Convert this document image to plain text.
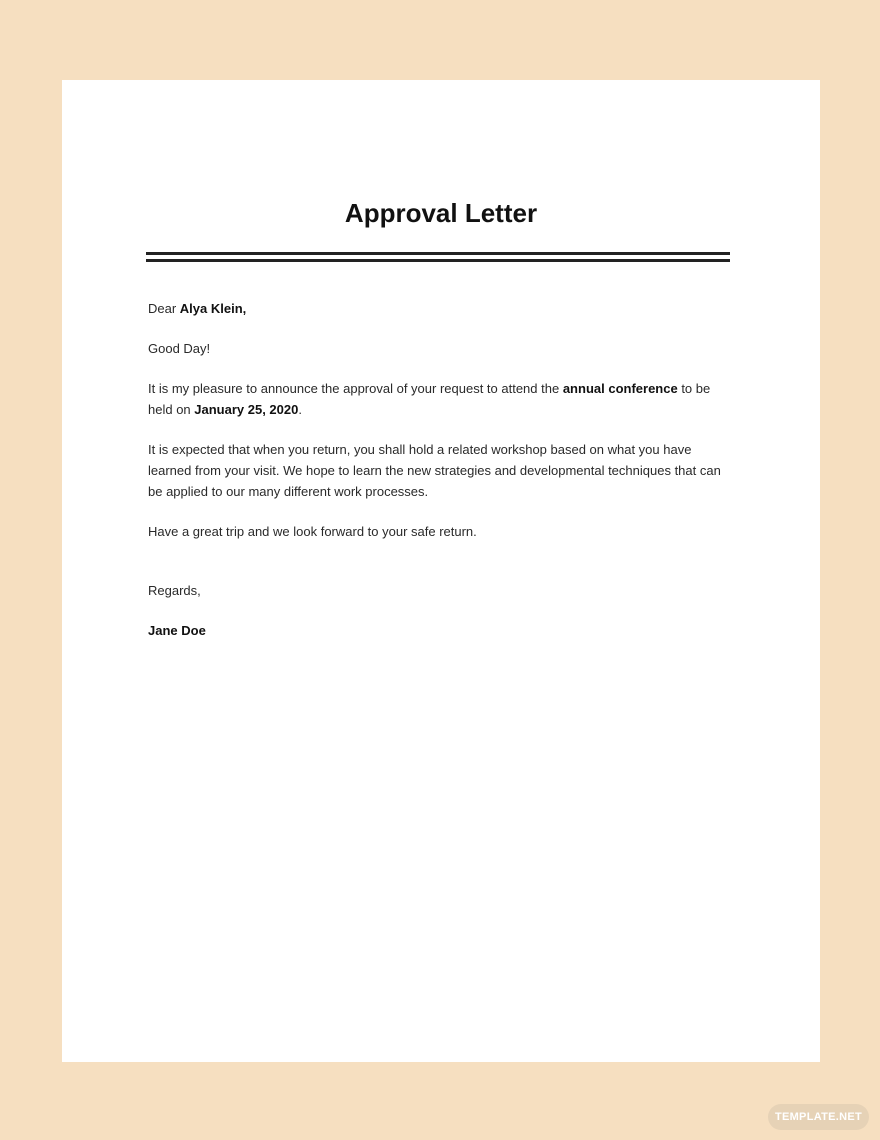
Approval Letter

Dear Alya Klein,

Good Day!

It is my pleasure to announce the approval of your request to attend the annual conference to be held on January 25, 2020.

It is expected that when you return, you shall hold a related workshop based on what you have learned from your visit. We hope to learn the new strategies and developmental techniques that can be applied to our many different work processes.

Have a great trip and we look forward to your safe return.

Regards,
Jane Doe
TEMPLATE.NET
